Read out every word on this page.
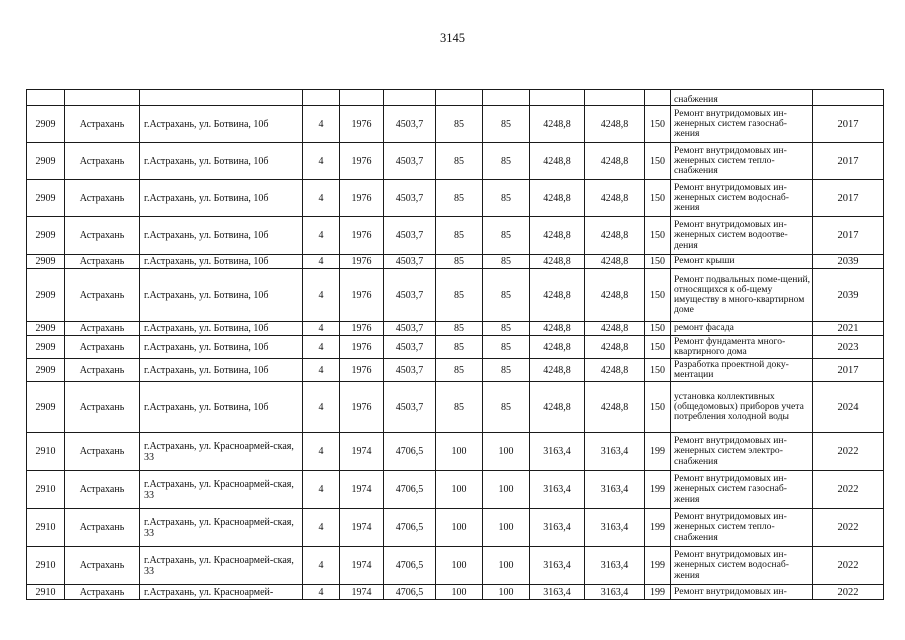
3145
											снабжения	
2909	Астрахань	г.Астрахань, ул. Ботвина, 10б	4	1976	4503,7	85	85	4248,8	4248,8	150	Ремонт внутридомовых ин-женерных систем газоснаб-жения	2017
2909	Астрахань	г.Астрахань, ул. Ботвина, 10б	4	1976	4503,7	85	85	4248,8	4248,8	150	Ремонт внутридомовых ин-женерных систем тепло-снабжения	2017
2909	Астрахань	г.Астрахань, ул. Ботвина, 10б	4	1976	4503,7	85	85	4248,8	4248,8	150	Ремонт внутридомовых ин-женерных систем водоснаб-жения	2017
2909	Астрахань	г.Астрахань, ул. Ботвина, 10б	4	1976	4503,7	85	85	4248,8	4248,8	150	Ремонт внутридомовых ин-женерных систем водоотве-дения	2017
2909	Астрахань	г.Астрахань, ул. Ботвина, 10б	4	1976	4503,7	85	85	4248,8	4248,8	150	Ремонт крыши	2039
2909	Астрахань	г.Астрахань, ул. Ботвина, 10б	4	1976	4503,7	85	85	4248,8	4248,8	150	Ремонт подвальных поме-щений, относящихся к об-щему имуществу в много-квартирном доме	2039
2909	Астрахань	г.Астрахань, ул. Ботвина, 10б	4	1976	4503,7	85	85	4248,8	4248,8	150	ремонт фасада	2021
2909	Астрахань	г.Астрахань, ул. Ботвина, 10б	4	1976	4503,7	85	85	4248,8	4248,8	150	Ремонт фундамента много-квартирного дома	2023
2909	Астрахань	г.Астрахань, ул. Ботвина, 10б	4	1976	4503,7	85	85	4248,8	4248,8	150	Разработка проектной доку-ментации	2017
2909	Астрахань	г.Астрахань, ул. Ботвина, 10б	4	1976	4503,7	85	85	4248,8	4248,8	150	установка коллективных (общедомовых) приборов учета потребления холодной воды	2024
2910	Астрахань	г.Астрахань, ул. Красноармей-ская, 33	4	1974	4706,5	100	100	3163,4	3163,4	199	Ремонт внутридомовых ин-женерных систем электро-снабжения	2022
2910	Астрахань	г.Астрахань, ул. Красноармей-ская, 33	4	1974	4706,5	100	100	3163,4	3163,4	199	Ремонт внутридомовых ин-женерных систем газоснаб-жения	2022
2910	Астрахань	г.Астрахань, ул. Красноармей-ская, 33	4	1974	4706,5	100	100	3163,4	3163,4	199	Ремонт внутридомовых ин-женерных систем тепло-снабжения	2022
2910	Астрахань	г.Астрахань, ул. Красноармей-ская, 33	4	1974	4706,5	100	100	3163,4	3163,4	199	Ремонт внутридомовых ин-женерных систем водоснаб-жения	2022
2910	Астрахань	г.Астрахань, ул. Красноармей-	4	1974	4706,5	100	100	3163,4	3163,4	199	Ремонт внутридомовых ин-	2022
